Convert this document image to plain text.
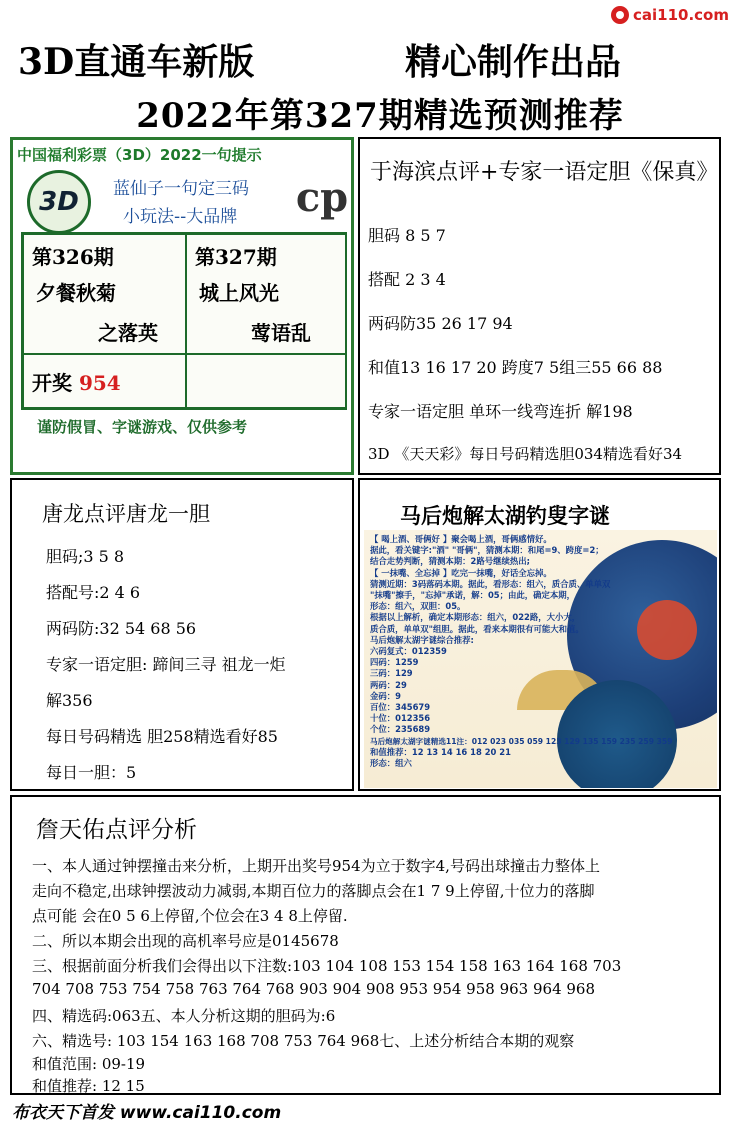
cai110.com
3D直通车新版	精心制作出品
2022年第327期精选预测推荐
中国福利彩票（3D）2022一句提示
3D	蓝仙子一句定三码
小玩法--大品牌 cp
第326期
夕餐秋菊
之落英
第327期
城上风光
莺语乱
开奖 954
谨防假冒、字谜游戏、仅供参考
于海滨点评+专家一语定胆《保真》
胆码 8 5 7
搭配 2 3 4
两码防35 26 17 94
和值13 16 17 20 跨度7 5组三55 66 88
专家一语定胆 单环一线弯连折 解198
3D 《天天彩》每日号码精选胆034精选看好34
唐龙点评唐龙一胆
胆码;3 5 8
搭配号:2 4 6
两码防:32 54 68 56
专家一语定胆: 蹄间三寻 祖龙一炬
解356
每日号码精选 胆258精选看好85
每日一胆：5
马后炮解太湖钓叟字谜
【 喝上酒、哥俩好 】聚会喝上酒，哥俩感情好。
据此，看关键字:"酒" "哥俩"，猜测本期：和尾=9、跨度=2；
结合走势判断，猜测本期：2路号继续热出;
【 一抹嘴、全忘掉 】吃完一抹嘴，好话全忘掉。
猜测近期：3码落码本期。据此，看形态：组六，质合质、单单双
"抹嘴"擦手，"忘掉"承诺，解：05；由此，确定本期，
形态：组六，双胆：05。
根据以上解析，确定本期形态：组六，022路，大小大，
质合质，单单双"组胆。据此，看来本期很有可能大和值。
马后炮解太湖字谜综合推荐:
六码复式：012359
四码：1259
三码：129
两码：29
金码：9
百位：345679
十位：012356
个位：235689
马后炮解太湖字谜精选11注：012 023 035 059 123 129 135 159 235 259 359
和值推荐：12 13 14 16 18 20 21
形态：组六
詹天佑点评分析
一、本人通过钟摆撞击来分析，上期开出奖号954为立于数字4,号码出球撞击力整体上
走向不稳定,出球钟摆波动力减弱,本期百位力的落脚点会在1 7 9上停留,十位力的落脚
点可能 会在0 5 6上停留,个位会在3 4 8上停留.
二、所以本期会出现的高机率号应是0145678
三、根据前面分析我们会得出以下注数:103 104 108 153 154 158 163 164 168 703
704 708 753 754 758 763 764 768 903 904 908 953 954 958 963 964 968
四、精选码:063五、本人分析这期的胆码为:6
六、精选号: 103 154 163 168 708 753 764 968七、上述分析结合本期的观察
和值范围: 09-19
和值推荐: 12 15
布衣天下首发 www.cai110.com
